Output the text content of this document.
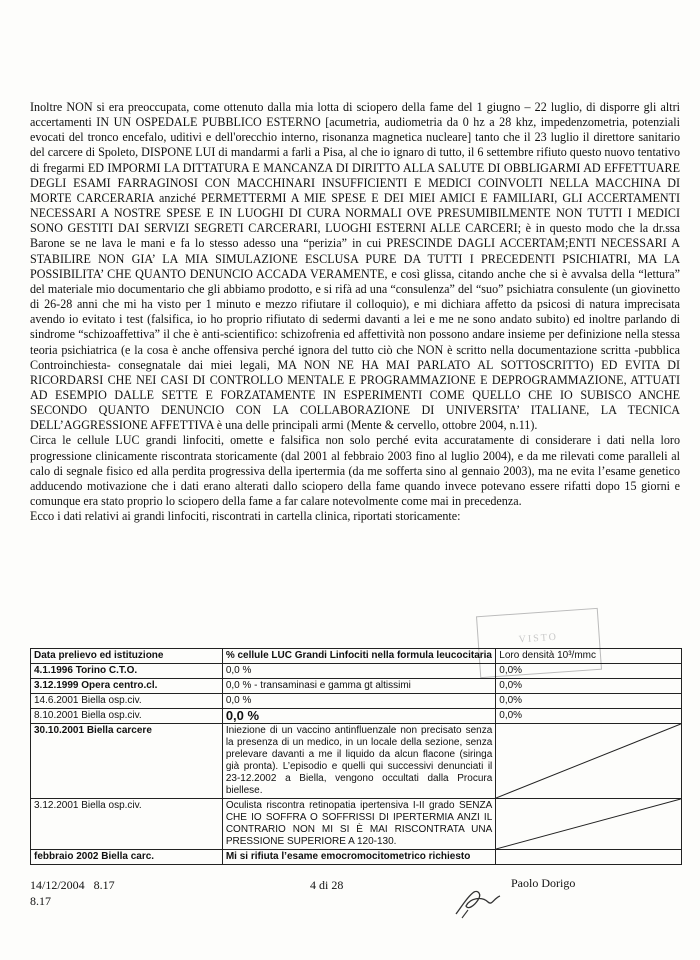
Inoltre NON si era preoccupata, come ottenuto dalla mia lotta di sciopero della fame del 1 giugno – 22 luglio, di disporre gli altri accertamenti IN UN OSPEDALE PUBBLICO ESTERNO [acumetria, audiometria da 0 hz a 28 khz, impedenzometria, potenziali evocati del tronco encefalo, uditivi e dell'orecchio interno, risonanza magnetica nucleare] tanto che il 23 luglio il direttore sanitario del carcere di Spoleto, DISPONE LUI di mandarmi a farli a Pisa, al che io ignaro di tutto, il 6 settembre rifiuto questo nuovo tentativo di fregarmi ED IMPORMI LA DITTATURA E MANCANZA DI DIRITTO ALLA SALUTE DI OBBLIGARMI AD EFFETTUARE DEGLI ESAMI FARRAGINOSI CON MACCHINARI INSUFFICIENTI E MEDICI COINVOLTI NELLA MACCHINA DI MORTE CARCERARIA anziché PERMETTERMI A MIE SPESE E DEI MIEI AMICI E FAMILIARI, GLI ACCERTAMENTI NECESSARI A NOSTRE SPESE E IN LUOGHI DI CURA NORMALI OVE PRESUMIBILMENTE NON TUTTI I MEDICI SONO GESTITI DAI SERVIZI SEGRETI CARCERARI, LUOGHI ESTERNI ALLE CARCERI; è in questo modo che la dr.ssa Barone se ne lava le mani e fa lo stesso adesso una “perizia” in cui PRESCINDE DAGLI ACCERTAM;ENTI NECESSARI A STABILIRE NON GIA’ LA MIA SIMULAZIONE ESCLUSA PURE DA TUTTI I PRECEDENTI PSICHIATRI, MA LA POSSIBILITA’ CHE QUANTO DENUNCIO ACCADA VERAMENTE, e così glissa, citando anche che si è avvalsa della “lettura” del materiale mio documentario che gli abbiamo prodotto, e si rifà ad una “consulenza” del “suo” psichiatra consulente (un giovinetto di 26-28 anni che mi ha visto per 1 minuto e mezzo rifiutare il colloquio), e mi dichiara affetto da psicosi di natura imprecisata avendo io evitato i test (falsifica, io ho proprio rifiutato di sedermi davanti a lei e me ne sono andato subito) ed inoltre parlando di sindrome “schizoaffettiva” il che è anti-scientifico: schizofrenia ed affettività non possono andare insieme per definizione nella stessa teoria psichiatrica (e la cosa è anche offensiva perché ignora del tutto ciò che NON è scritto nella documentazione scritta -pubblica Controinchiesta- consegnatale dai miei legali, MA NON NE HA MAI PARLATO AL SOTTOSCRITTO) ED EVITA DI RICORDARSI CHE NEI CASI DI CONTROLLO MENTALE E PROGRAMMAZIONE E DEPROGRAMMAZIONE, ATTUATI AD ESEMPIO DALLE SETTE E FORZATAMENTE IN ESPERIMENTI COME QUELLO CHE IO SUBISCO ANCHE SECONDO QUANTO DENUNCIO CON LA COLLABORAZIONE DI UNIVERSITA’ ITALIANE, LA TECNICA DELL’AGGRESSIONE AFFETTIVA è una delle principali armi (Mente & cervello, ottobre 2004, n.11).

Circa le cellule LUC grandi linfociti, omette e falsifica non solo perché evita accuratamente di considerare i dati nella loro progressione clinicamente riscontrata storicamente (dal 2001 al febbraio 2003 fino al luglio 2004), e da me rilevati come paralleli al calo di segnale fisico ed alla perdita progressiva della ipertermia (da me sofferta sino al gennaio 2003), ma ne evita l’esame genetico adducendo motivazione che i dati erano alterati dallo sciopero della fame quando invece potevano essere rifatti dopo 15 giorni e comunque era stato proprio lo sciopero della fame a far calare notevolmente come mai in precedenza.

Ecco i dati relativi ai grandi linfociti, riscontrati in cartella clinica, riportati storicamente:

VISTO
Data prelievo ed istituzione	% cellule LUC Grandi Linfociti nella formula leucocitaria	Loro densità 10³/mmc
4.1.1996 Torino C.T.O.	0,0 %	0,0%
3.12.1999 Opera centro.cl.	0,0 % - transaminasi e gamma gt altissimi	0,0%
14.6.2001 Biella osp.civ.	0,0 %	0,0%
8.10.2001 Biella osp.civ.	0,0 %	0,0%
30.10.2001 Biella carcere	Iniezione di un vaccino antinfluenzale non precisato senza la presenza di un medico, in un locale della sezione, senza prelevare davanti a me il liquido da alcun flacone (siringa già pronta). L’episodio e quelli qui successivi denunciati il 23-12.2002 a Biella, vengono occultati dalla Procura biellese.	

3.12.2001 Biella osp.civ.	Oculista riscontra retinopatia ipertensiva I-II grado SENZA CHE IO SOFFRA O SOFFRISSI DI IPERTERMIA ANZI IL CONTRARIO NON MI SI È MAI RISCONTRATA UNA PRESSIONE SUPERIORE A 120-130.	

febbraio 2002 Biella carc.	Mi si rifiuta l’esame emocromocitometrico richiesto	
14/12/2004 8.17
8.17
4 di 28	Paolo Dorigo
